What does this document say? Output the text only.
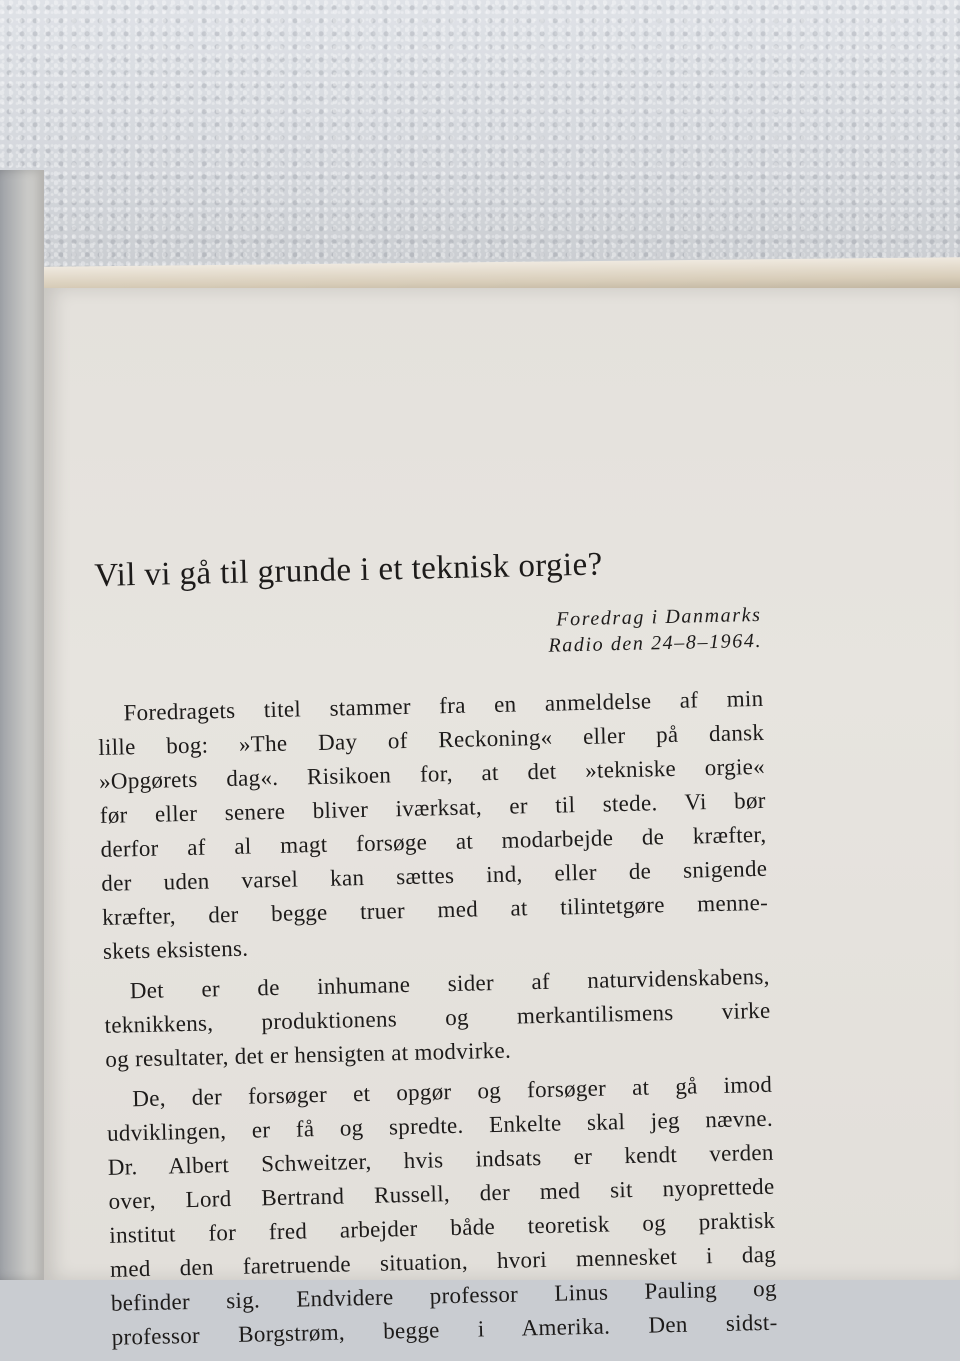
Vil vi gå til grunde i et teknisk orgie?
Foredrag i Danmarks
Radio den 24–8–1964.

Foredragets titel stammer fra en anmeldelse af min
lille bog: »The Day of Reckoning« eller på dansk
»Opgørets dag«. Risikoen for, at det »tekniske orgie«
før eller senere bliver iværksat, er til stede. Vi bør
derfor af al magt forsøge at modarbejde de kræfter,
der uden varsel kan sættes ind, eller de snigende
kræfter, der begge truer med at tilintetgøre menne-
skets eksistens.

Det er de inhumane sider af naturvidenskabens,
teknikkens, produktionens og merkantilismens virke
og resultater, det er hensigten at modvirke.

De, der forsøger et opgør og forsøger at gå imod
udviklingen, er få og spredte. Enkelte skal jeg nævne.
Dr. Albert Schweitzer, hvis indsats er kendt verden
over, Lord Bertrand Russell, der med sit nyoprettede
institut for fred arbejder både teoretisk og praktisk
med den faretruende situation, hvori mennesket i dag
befinder sig. Endvidere professor Linus Pauling og
professor Borgstrøm, begge i Amerika. Den sidst-
